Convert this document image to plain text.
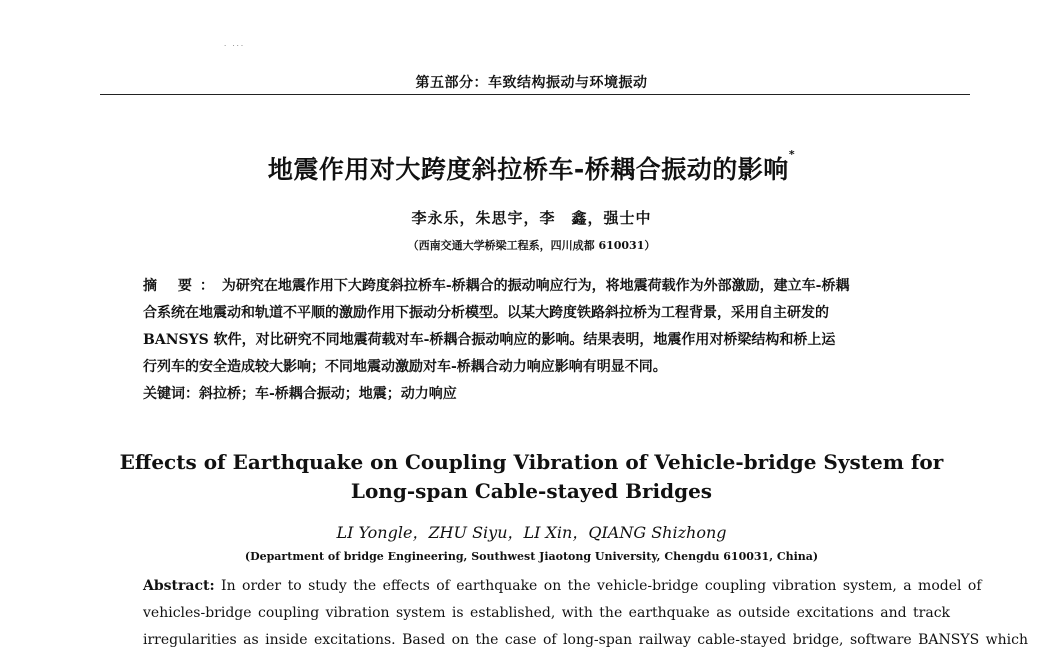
. ...
第五部分：车致结构振动与环境振动
地震作用对大跨度斜拉桥车-桥耦合振动的影响*
李永乐，朱思宇，李　鑫，强士中
（西南交通大学桥梁工程系，四川成都 610031）
摘 要：为研究在地震作用下大跨度斜拉桥车-桥耦合的振动响应行为，将地震荷载作为外部激励，建立车-桥耦
合系统在地震动和轨道不平顺的激励作用下振动分析模型。以某大跨度铁路斜拉桥为工程背景，采用自主研发的
BANSYS 软件，对比研究不同地震荷载对车-桥耦合振动响应的影响。结果表明，地震作用对桥梁结构和桥上运
行列车的安全造成较大影响；不同地震动激励对车-桥耦合动力响应影响有明显不同。
关键词：斜拉桥；车-桥耦合振动；地震；动力响应
Effects of Earthquake on Coupling Vibration of Vehicle-bridge System for
Long-span Cable-stayed Bridges
LI Yongle，ZHU Siyu，LI Xin，QIANG Shizhong
(Department of bridge Engineering, Southwest Jiaotong University, Chengdu 610031, China)
Abstract: In order to study the effects of earthquake on the vehicle-bridge coupling vibration system, a model of
vehicles-bridge coupling vibration system is established, with the earthquake as outside excitations and track
irregularities as inside excitations. Based on the case of long-span railway cable-stayed bridge, software BANSYS which
